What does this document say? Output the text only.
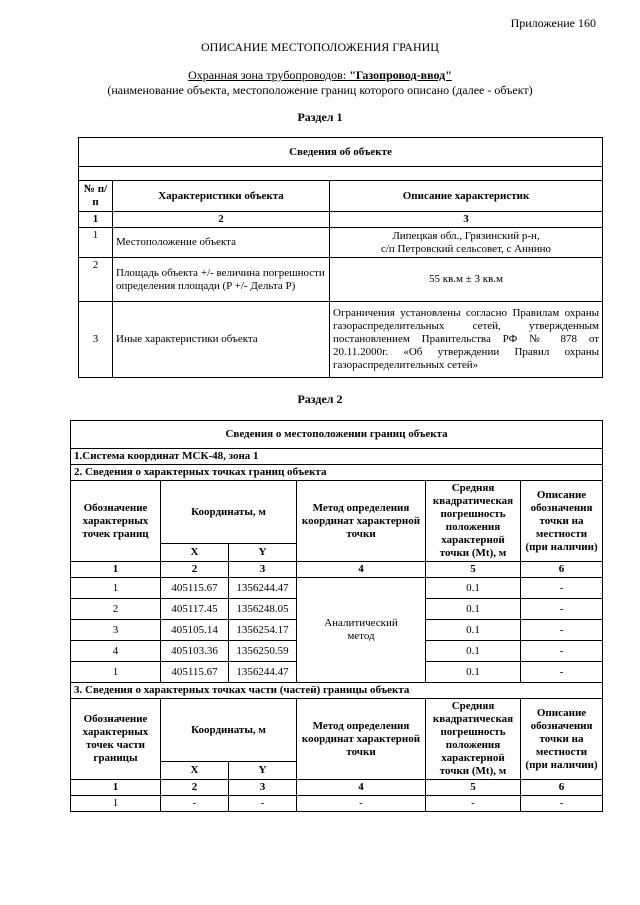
Приложение 160
ОПИСАНИЕ МЕСТОПОЛОЖЕНИЯ ГРАНИЦ
Охранная зона трубопроводов: "Газопровод-ввод"
(наименование объекта, местоположение границ которого описано (далее - объект)
Раздел 1
Сведения об объекте		

№ п/п	Характеристики объекта	Описание характеристик
1	2	3
1	Местоположение объекта	Липецкая обл., Грязинский р-н,
с/п Петровский сельсовет, с Аннино

2	Площадь объекта +/- величина погрешности определения площади (P +/- Дельта P)	55 кв.м ± 3 кв.м
3	Иные характеристики объекта	Ограничения установлены согласно Правилам охраны газораспределительных сетей, утвержденным постановлением Правительства РФ № 878 от 20.11.2000г. «Об утверждении Правил охраны газораспределительных сетей»
Раздел 2
Сведения о местоположении границ объекта					
1.Система координат МСК-48, зона 1					
2. Сведения о характерных точках границ объекта					
Обозначение характерных точек границ	Координаты, м		Метод определения координат характерной точки	Средняя квадратическая погрешность положения характерной точки (Mt), м	Описание обозначения точки на местности (при наличии)
	X	Y			
1	2	3	4	5	6
1	405115.67	1356244.47	Аналитический метод	0.1	-
2	405117.45	1356248.05		0.1	-
3	405105.14	1356254.17		0.1	-
4	405103.36	1356250.59		0.1	-
1	405115.67	1356244.47		0.1	-
3. Сведения о характерных точках части (частей) границы объекта					
Обозначение характерных точек части границы	Координаты, м		Метод определения координат характерной точки	Средняя квадратическая погрешность положения характерной точки (Mt), м	Описание обозначения точки на местности (при наличии)
	X	Y			
1	2	3	4	5	6
1	-	-	-	-	-
